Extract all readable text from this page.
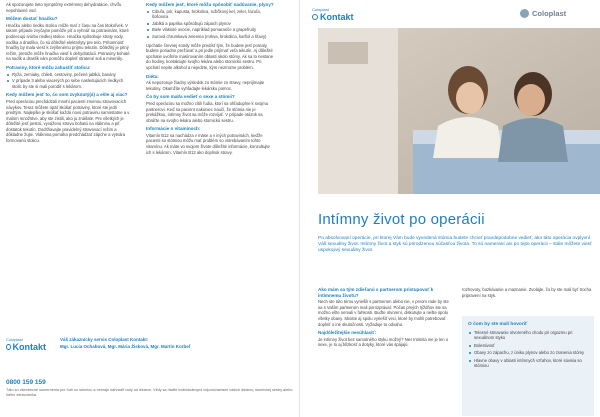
Ak spozorujete tieto symptómy extrémnej dehydratácie, chvíľu nepohlavné vod.

Môžem dostať hnačku?

Hnačku alebo riedku stolicu môže mať z času na čas ktokoľvek. V takom prípade zvyčajne pomôže piť a vyhnúť sa potravinám, ktoré podnecujú tvorbu riedkej stolice. Hnačka spôsobuje straty vody, sodíka a draslíka, čo sú dôležité elektrolyty pre telo. Prítomnosť hnačky by mala viesť k zvýšenému prijmu tekutín. Dôležitý je pitný režim, pretože môže hnačka viesť k dehydratácii. Potraviny bohaté na sodík a draslík vám pomôžu doplniť stratené soli a minerály.

Potraviny, ktoré môžu zahustiť stolicu:
Ryža, zemiaky, chlieb, cestoviny, pečené jablká, banány
V prípade 3 alebo viacerých po sebe nasledujúcich riedkych stolíc by ste si mali porodiť s lekárom.
Kedy môžem jesť to, čo som zvyknutý(á) a ešte aj viac?

Pred operáciou prechádzali mnohí pacienti zmenou stravovacích návykov. Teraz môžete opäť skúšať potraviny, ktoré ste jedli predtým. Najlepšie je skúšať každú novú potravinu samostatne a v malom množstve, aby ste zistili, ako ju znášate. Pre všetkých je dôležité jesť pestrú, vyváženú stravu bohatú na vlákninu a piť dostatok tekutín. Dodržiavajte pravidelný stravovací režim a dôkladne žujte. Vláknina pomáha predchádzať zápche a vytvára formovanú stolicu.

Kedy môžem jesť, ktoré môžu spôsobiť nadúvanie, plyny?
Cibuľa, pór, kapusta, brokolica, ružičkový kel, zeler, fazuľa, šošovica
Jablká a paprika spôsobujú zápach plynov
Biele vláknité ovocie, napríklad pomaranče a grapefruity
Surová chrumkavá zelenina (mrkva, brokolica, karfiol a šťavy)

Upchatie črevnej sondy môže predísť tým, že budete jesť pomaly, budete poriadne prežúvať a pri jedle prijímať veľa tekutín. Aj dôležité upchatie uvoľníte masírovaním oblasti okolo stómy. Ak sa to nestane do hodiny, kontaktujte svojho lekára alebo stomickú sestru. Pri upchatí nepite alkohol a nejedzte, kým nezmizne problém.

Diéta:

Ak nepozoruje žiadny výsledok zo stómie zo stravy, neprijímajte tekutiny. Okamžite vyhľadajte lekársku pomoc.

Čo by som mal/a vedieť o sexe a stómii?

Pred operáciou sa možno cítili ľudia, ktorí sa ohľaduplne k svojmu partnerovi. Keď sa pacient nakoniec naučí, že stómia nie je prekážkou, intímny život sa môže rozvíjať. V prípade otázok sa obráťte na svojho lekára alebo stomickú sestru.

Informácie o vitamínoch:

Vitamín B12 sa nachádza v mäse a v iných potravinách, keďže pacienti so stómiou môžu mať problém so vstrebávaním tohto vitamínu. Ak máte vo svojom živote dôležité informácie, konzultujte ich s lekárom. Vitamín B12 ako doplnok stravy.

Coloplast
Kontakt
Váš zákaznícky servis Coloplast Kontakt:
Mgr. Lucia Ochabová, Mgr. Mária Žisková, Mgr. Martin Korbeľ
0800 159 159
Táto sú všeobecné usmernenia pre ľudí so stómiou a nemajú nahradiť rady od lekárov. Vždy sa riaďte individuálnymi odporúčaniami vašich lekárov, stomickej sestry alebo iného zdravotníka.
Coloplast
Kontakt	Coloplast
Intímny život po operácii
Po absolvovaní operácie, pri ktorej Vám bude vyvedená stómia budete chcieť pravdepodobne vedieť, ako táto operácia ovplyvní Váš sexuálny život. Intímny život a styk sú prirodzenou súčasťou života. To sú nameraní ani po tejto operácii – stále môžete viesť uspokojivý sexuálny život.
Ako mám sa tým zdieľanú s partnerom pristupovať k intímnemu životu?

Nech ste túto tému vyriešili s partnerom alebo nie, v prvom rade by ste sa s Vaším partnerom mali porozprávať. Počas prvých týždňov ste sa možno ešte nemali v ľahkosti. Buďte otvorení, diskutujte a riešte spolu všetky obavy. Skúste aj spolu vyriešiť veci, ktoré by mohli potrebovať doplniť o iné skutočnosti. Vyžaduje to odvahu.

Najdôležitejšie nesúhlasiť:

Je intímny život bez samotného styku možný? Nie! Intimita nie je len o sexe, je to aj blízkosť a dotyky, ktoré vás spájajú.

rozhovory, bozkávanie a maznanie. Zvolajte, čo by ste mali byť trocha pripravení na styk.

O čom by ste mali hovoriť
Telesné stmavanie otvoreného chodu pri orgazmu pri sexuálnom styku
Bolestivosť
Obavy zo zápachu, z úniku plynov alebo zo zranenia stómy
Hlavne obavy v oblasti intímnych vzťahov, ktoré súvisia so stómiou
